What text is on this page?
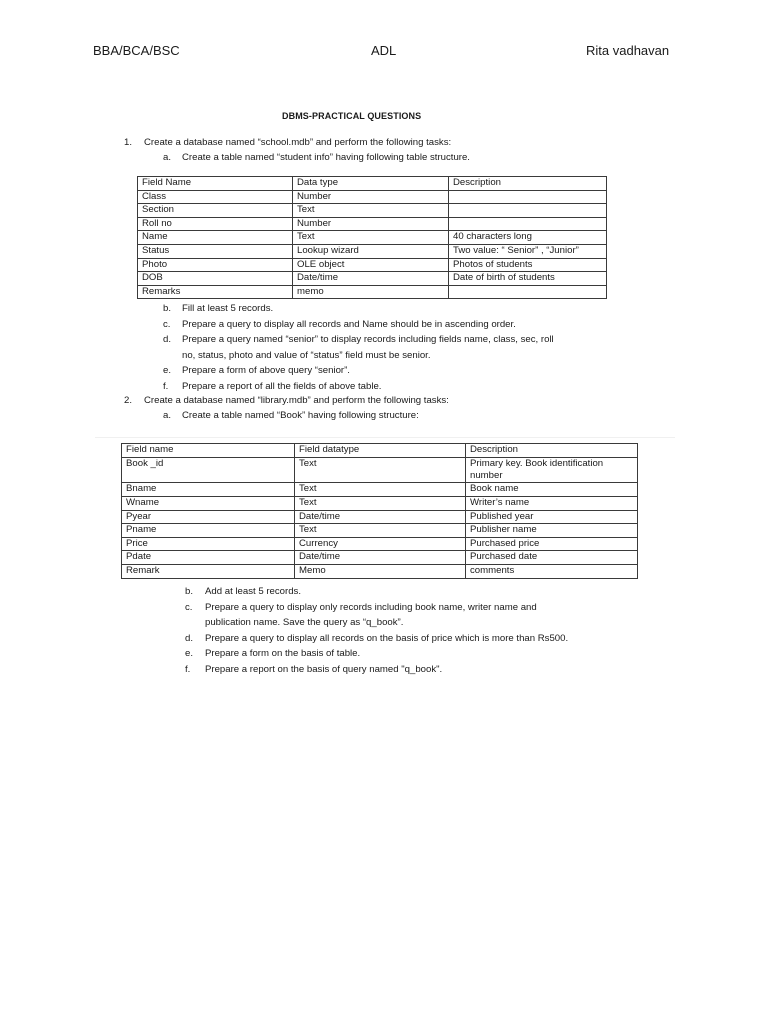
BBA/BCA/BSC	ADL	Rita vadhavan
DBMS-PRACTICAL QUESTIONS
1. Create a database named “school.mdb” and perform the following tasks:
a. Create a table named “student info” having following table structure.
Field Name	Data type	Description
Class	Number	
Section	Text	
Roll no	Number	
Name	Text	40 characters long
Status	Lookup wizard	Two value: “ Senior” , “Junior”
Photo	OLE object	Photos of students
DOB	Date/time	Date of birth of students
Remarks	memo	
b. Fill at least 5 records.
c. Prepare a query to display all records and Name should be in ascending order.
d. Prepare a query named “senior” to display records including fields name, class, sec, roll
no, status, photo and value of “status” field must be senior.
e. Prepare a form of above query “senior”.
f. Prepare a report of all the fields of above table.
2. Create a database named “library.mdb” and perform the following tasks:
a. Create a table named “Book” having following structure:
Field name	Field datatype	Description
Book _id	Text	Primary key. Book identification number
Bname	Text	Book name
Wname	Text	Writer’s name
Pyear	Date/time	Published year
Pname	Text	Publisher name
Price	Currency	Purchased price
Pdate	Date/time	Purchased date
Remark	Memo	comments
b. Add at least 5 records.
c. Prepare a query to display only records including book name, writer name and
publication name. Save the query as “q_book”.
d. Prepare a query to display all records on the basis of price which is more than Rs500.
e. Prepare a form on the basis of table.
f. Prepare a report on the basis of query named "q_book".
